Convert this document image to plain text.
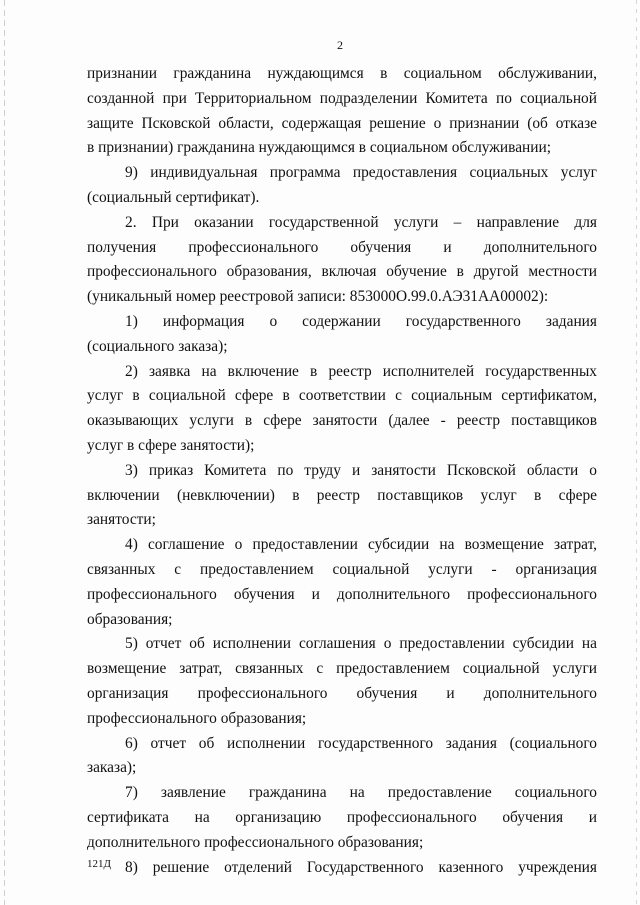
2
признании гражданина нуждающимся в социальном обслуживании,
созданной при Территориальном подразделении Комитета по социальной
защите Псковской области, содержащая решение о признании (об отказе
в признании) гражданина нуждающимся в социальном обслуживании;
9) индивидуальная программа предоставления социальных услуг
(социальный сертификат).
2. При оказании государственной услуги – направление для
получения профессионального обучения и дополнительного
профессионального образования, включая обучение в другой местности
(уникальный номер реестровой записи: 853000О.99.0.АЭ31АА00002):
1) информация о содержании государственного задания
(социального заказа);
2) заявка на включение в реестр исполнителей государственных
услуг в социальной сфере в соответствии с социальным сертификатом,
оказывающих услуги в сфере занятости (далее - реестр поставщиков
услуг в сфере занятости);
3) приказ Комитета по труду и занятости Псковской области о
включении (невключении) в реестр поставщиков услуг в сфере
занятости;
4) соглашение о предоставлении субсидии на возмещение затрат,
связанных с предоставлением социальной услуги - организация
профессионального обучения и дополнительного профессионального
образования;
5) отчет об исполнении соглашения о предоставлении субсидии на
возмещение затрат, связанных с предоставлением социальной услуги
организация профессионального обучения и дополнительного
профессионального образования;
6) отчет об исполнении государственного задания (социального
заказа);
7) заявление гражданина на предоставление социального
сертификата на организацию профессионального обучения и
дополнительного профессионального образования;
8) решение отделений Государственного казенного учреждения
121Д
